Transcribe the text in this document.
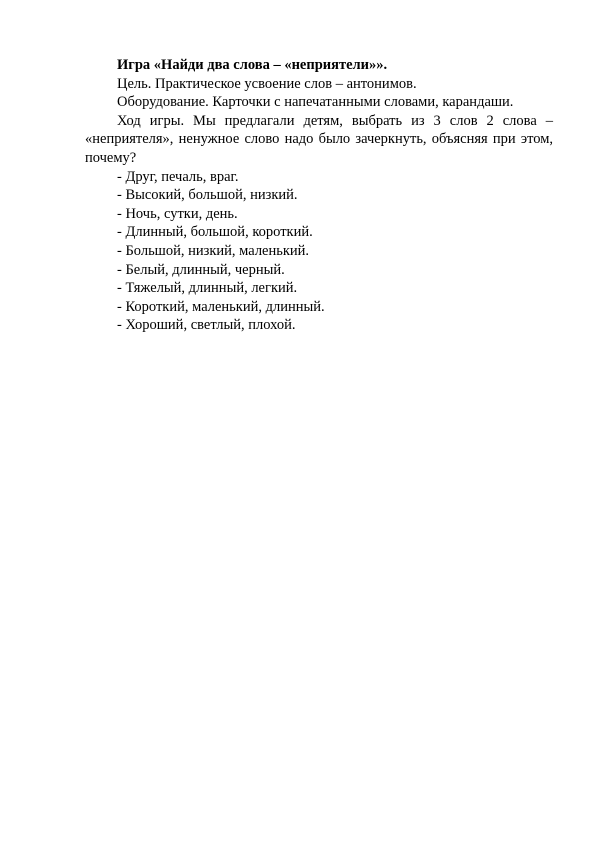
Игра «Найди два слова – «неприятели»».

Цель. Практическое усвоение слов – антонимов.

Оборудование. Карточки с напечатанными словами, карандаши.

Ход игры. Мы предлагали детям, выбрать из 3 слов 2 слова – «неприятеля», ненужное слово надо было зачеркнуть, объясняя при этом, почему?

- Друг, печаль, враг.
- Высокий, большой, низкий.
- Ночь, сутки, день.
- Длинный, большой, короткий.
- Большой, низкий, маленький.
- Белый, длинный, черный.
- Тяжелый, длинный, легкий.
- Короткий, маленький, длинный.
- Хороший, светлый, плохой.
